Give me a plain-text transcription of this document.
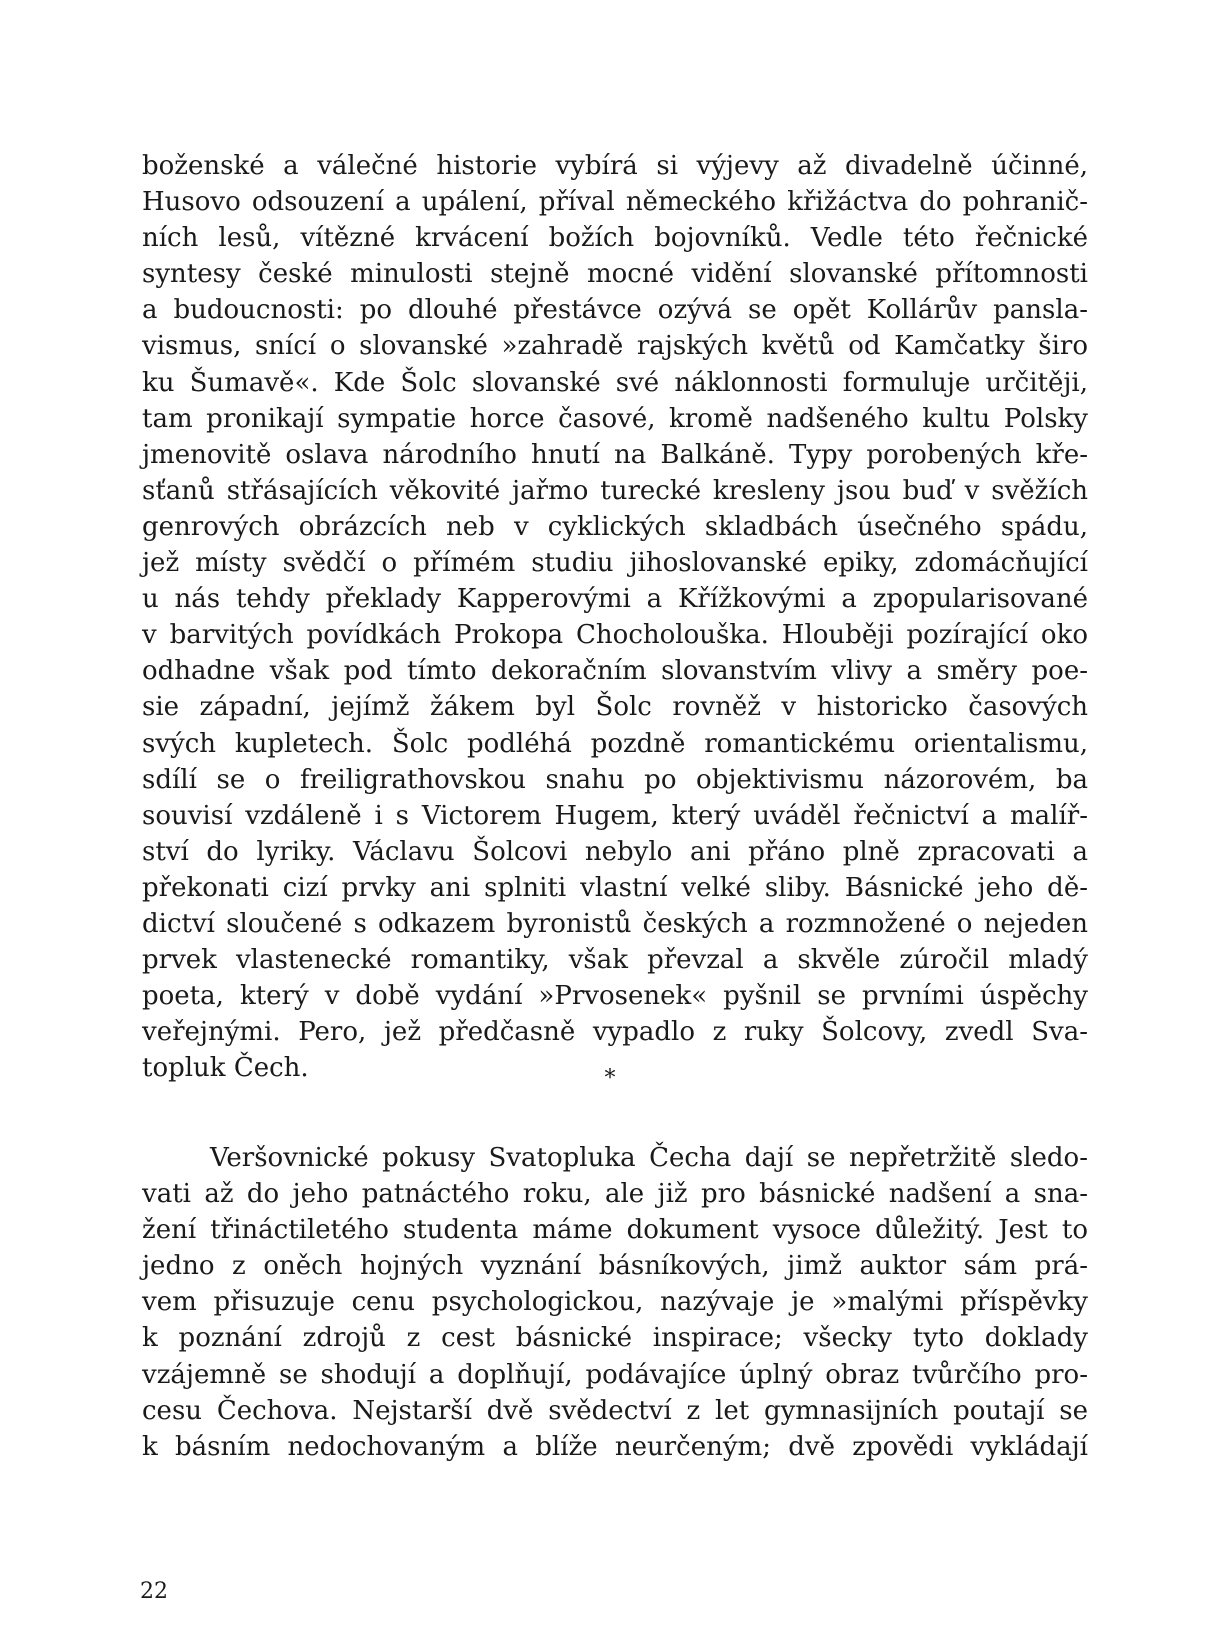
boženské a válečné historie vybírá si výjevy až divadelně účinné,
Husovo odsouzení a upálení, příval německého křižáctva do pohranič-
ních lesů, vítězné krvácení božích bojovníků. Vedle této řečnické
syntesy české minulosti stejně mocné vidění slovanské přítomnosti
a budoucnosti: po dlouhé přestávce ozývá se opět Kollárův pansla-
vismus, snící o slovanské »zahradě rajských květů od Kamčatky širo
ku Šumavě«. Kde Šolc slovanské své náklonnosti formuluje určitěji,
tam pronikají sympatie horce časové, kromě nadšeného kultu Polsky
jmenovitě oslava národního hnutí na Balkáně. Typy porobených kře-
sťanů střásajících věkovité jařmo turecké kresleny jsou buď v svěžích
genrových obrázcích neb v cyklických skladbách úsečného spádu,
jež místy svědčí o přímém studiu jihoslovanské epiky, zdomácňující
u nás tehdy překlady Kapperovými a Křížkovými a zpopularisované
v barvitých povídkách Prokopa Chocholouška. Hlouběji pozírající oko
odhadne však pod tímto dekoračním slovanstvím vlivy a směry poe-
sie západní, jejímž žákem byl Šolc rovněž v historicko časových
svých kupletech. Šolc podléhá pozdně romantickému orientalismu,
sdílí se o freiligrathovskou snahu po objektivismu názorovém, ba
souvisí vzdáleně i s Victorem Hugem, který uváděl řečnictví a malíř-
ství do lyriky. Václavu Šolcovi nebylo ani přáno plně zpracovati a
překonati cizí prvky ani splniti vlastní velké sliby. Básnické jeho dě-
dictví sloučené s odkazem byronistů českých a rozmnožené o nejeden
prvek vlastenecké romantiky, však převzal a skvěle zúročil mladý
poeta, který v době vydání »Prvosenek« pyšnil se prvními úspěchy
veřejnými. Pero, jež předčasně vypadlo z ruky Šolcovy, zvedl Sva-
topluk Čech.	*
Veršovnické pokusy Svatopluka Čecha dají se nepřetržitě sledo-
vati až do jeho patnáctého roku, ale již pro básnické nadšení a sna-
žení třináctiletého studenta máme dokument vysoce důležitý. Jest to
jedno z oněch hojných vyznání básníkových, jimž auktor sám prá-
vem přisuzuje cenu psychologickou, nazývaje je »malými příspěvky
k poznání zdrojů z cest básnické inspirace; všecky tyto doklady
vzájemně se shodují a doplňují, podávajíce úplný obraz tvůrčího pro-
cesu Čechova. Nejstarší dvě svědectví z let gymnasijních poutají se
k básním nedochovaným a blíže neurčeným; dvě zpovědi vykládají
22
